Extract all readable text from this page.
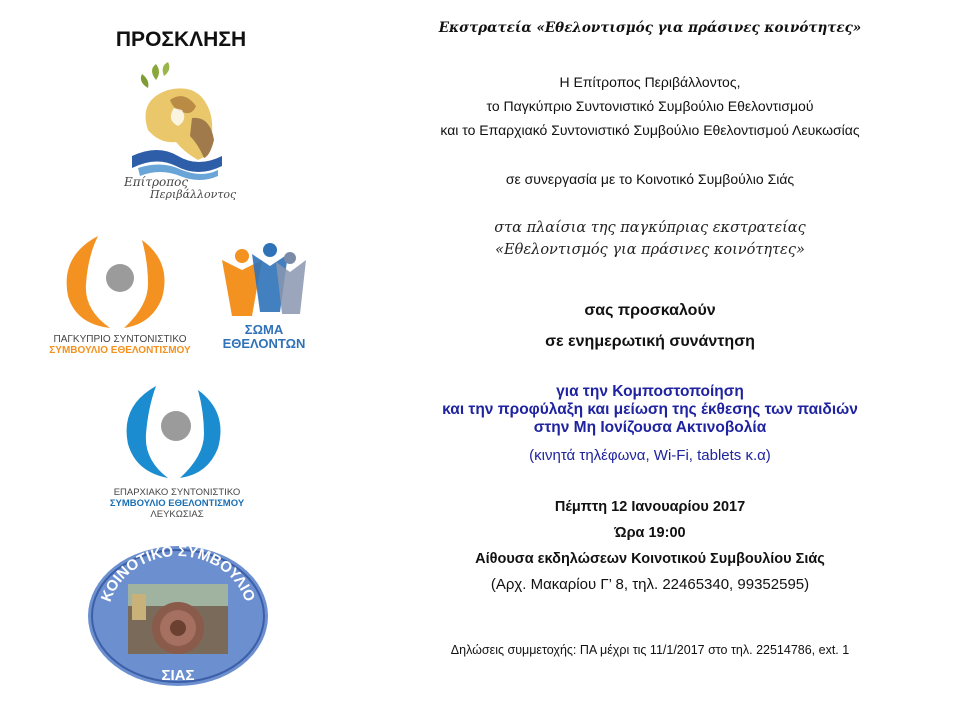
ΠΡΟΣΚΛΗΣΗ
Επίτροπος
Περιβάλλοντος
ΠΑΓΚΥΠΡΙΟ ΣΥΝΤΟΝΙΣΤΙΚΟ
ΣΥΜΒΟΥΛΙΟ ΕΘΕΛΟΝΤΙΣΜΟΥ
ΣΩΜΑ
ΕΘΕΛΟΝΤΩΝ
ΕΠΑΡΧΙΑΚΟ ΣΥΝΤΟΝΙΣΤΙΚΟ
ΣΥΜΒΟΥΛΙΟ ΕΘΕΛΟΝΤΙΣΜΟΥ
ΛΕΥΚΩΣΙΑΣ
ΚΟΙΝΟΤΙΚΟ ΣΥΜΒΟΥΛΙΟ
ΣΙΑΣ
Εκστρατεία «Εθελοντισμός για πράσινες κοινότητες»
Η Επίτροπος Περιβάλλοντος,
το Παγκύπριο Συντονιστικό Συμβούλιο Εθελοντισμού
και το Επαρχιακό Συντονιστικό Συμβούλιο Εθελοντισμού Λευκωσίας
σε συνεργασία με το Κοινοτικό Συμβούλιο Σιάς
στα πλαίσια της παγκύπριας εκστρατείας
«Εθελοντισμός για πράσινες κοινότητες»
σας προσκαλούν
σε ενημερωτική συνάντηση
για την Κομποστοποίηση
και την προφύλαξη και μείωση της έκθεσης των παιδιών
στην Μη Ιονίζουσα Ακτινοβολία
(κινητά τηλέφωνα, Wi-Fi, tablets κ.α)
Πέμπτη 12 Ιανουαρίου 2017
Ώρα 19:00
Αίθουσα εκδηλώσεων Κοινοτικού Συμβουλίου Σιάς
(Αρχ. Μακαρίου Γ’ 8, τηλ. 22465340, 99352595)
Δηλώσεις συμμετοχής: ΠΑ μέχρι τις 11/1/2017 στο τηλ. 22514786, ext. 1
